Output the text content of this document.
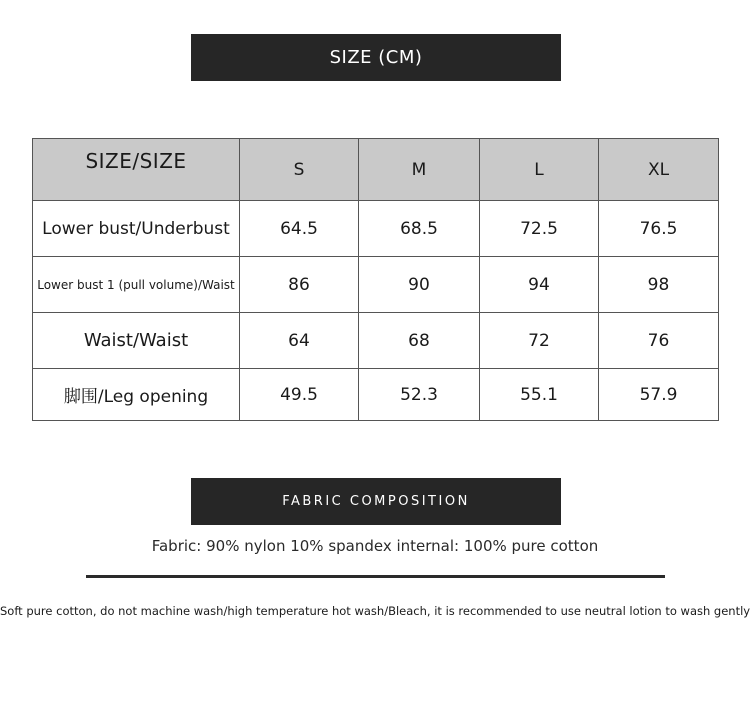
SIZE (CM)
SIZE/SIZE	S	M	L	XL
Lower bust/Underbust	64.5	68.5	72.5	76.5
Lower bust 1 (pull volume)/Waist	86	90	94	98
Waist/Waist	64	68	72	76
脚围/Leg opening	49.5	52.3	55.1	57.9
FABRIC COMPOSITION
Fabric: 90% nylon 10% spandex internal: 100% pure cotton
Soft pure cotton, do not machine wash/high temperature hot wash/Bleach, it is recommended to use neutral lotion to wash gently
